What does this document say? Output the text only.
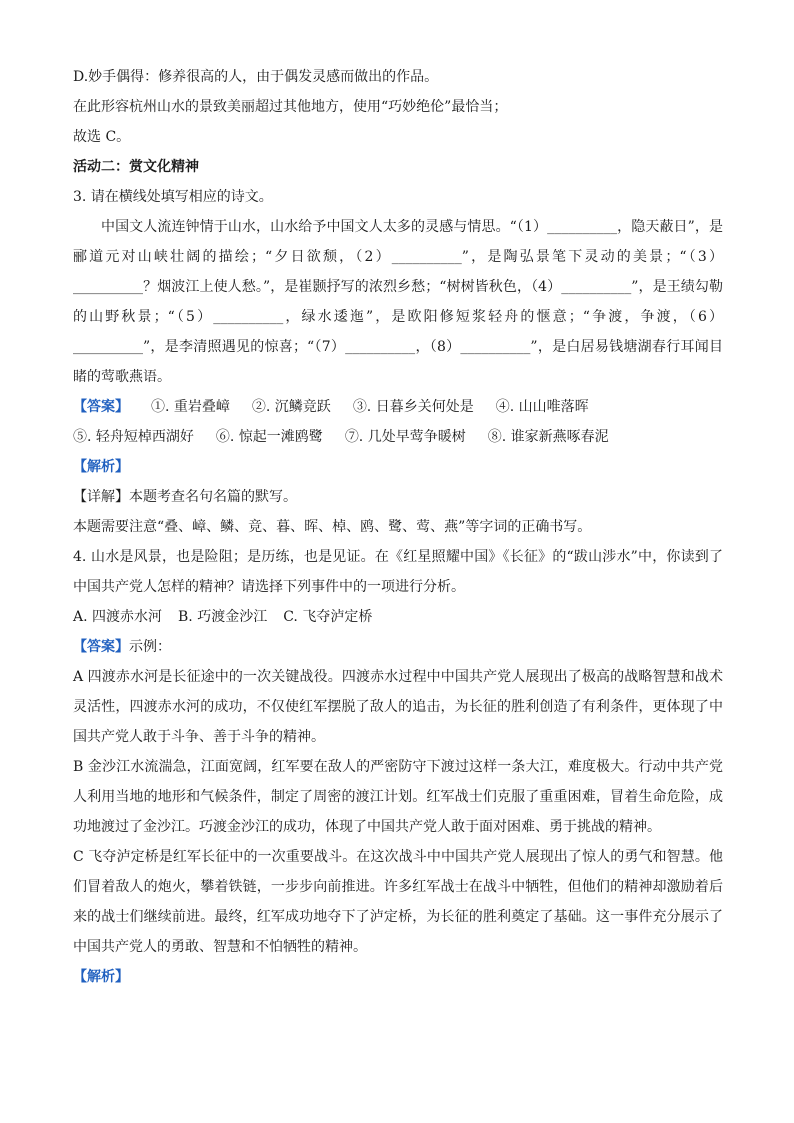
D.妙手偶得：修养很高的人，由于偶发灵感而做出的作品。
在此形容杭州山水的景致美丽超过其他地方，使用“巧妙绝伦”最恰当；
故选 C。
活动二：赏文化精神
3. 请在横线处填写相应的诗文。
中国文人流连钟情于山水，山水给予中国文人太多的灵感与情思。“（1）__________，隐天蔽日”，是郦道元对山峡壮阔的描绘；“夕日欲颓，（2）__________”，是陶弘景笔下灵动的美景；“（3）__________？烟波江上使人愁。”，是崔颢抒写的浓烈乡愁；“树树皆秋色，（4）__________”，是王绩勾勒的山野秋景；“（5）__________，绿水逶迤”，是欧阳修短浆轻舟的惬意；“争渡，争渡，（6）__________”，是李清照遇见的惊喜；“（7）__________，（8）__________”，是白居易钱塘湖春行耳闻目睹的莺歌燕语。
【答案】 ①. 重岩叠嶂 ②. 沉鳞竞跃 ③. 日暮乡关何处是 ④. 山山唯落晖
⑤. 轻舟短棹西湖好 ⑥. 惊起一滩鸥鹭 ⑦. 几处早莺争暖树 ⑧. 谁家新燕啄春泥
【解析】
【详解】本题考查名句名篇的默写。
本题需要注意“叠、嶂、鳞、竞、暮、晖、棹、鸥、鹭、莺、燕”等字词的正确书写。
4. 山水是风景，也是险阻；是历练，也是见证。在《红星照耀中国》《长征》的“跋山涉水”中，你读到了中国共产党人怎样的精神？请选择下列事件中的一项进行分析。
A. 四渡赤水河 B. 巧渡金沙江 C. 飞夺泸定桥
【答案】示例：
A 四渡赤水河是长征途中的一次关键战役。四渡赤水过程中中国共产党人展现出了极高的战略智慧和战术灵活性，四渡赤水河的成功，不仅使红军摆脱了敌人的追击，为长征的胜利创造了有利条件，更体现了中国共产党人敢于斗争、善于斗争的精神。
B 金沙江水流湍急，江面宽阔，红军要在敌人的严密防守下渡过这样一条大江，难度极大。行动中共产党人利用当地的地形和气候条件，制定了周密的渡江计划。红军战士们克服了重重困难，冒着生命危险，成功地渡过了金沙江。巧渡金沙江的成功，体现了中国共产党人敢于面对困难、勇于挑战的精神。
C 飞夺泸定桥是红军长征中的一次重要战斗。在这次战斗中中国共产党人展现出了惊人的勇气和智慧。他们冒着敌人的炮火，攀着铁链，一步步向前推进。许多红军战士在战斗中牺牲，但他们的精神却激励着后来的战士们继续前进。最终，红军成功地夺下了泸定桥，为长征的胜利奠定了基础。这一事件充分展示了中国共产党人的勇敢、智慧和不怕牺牲的精神。
【解析】
